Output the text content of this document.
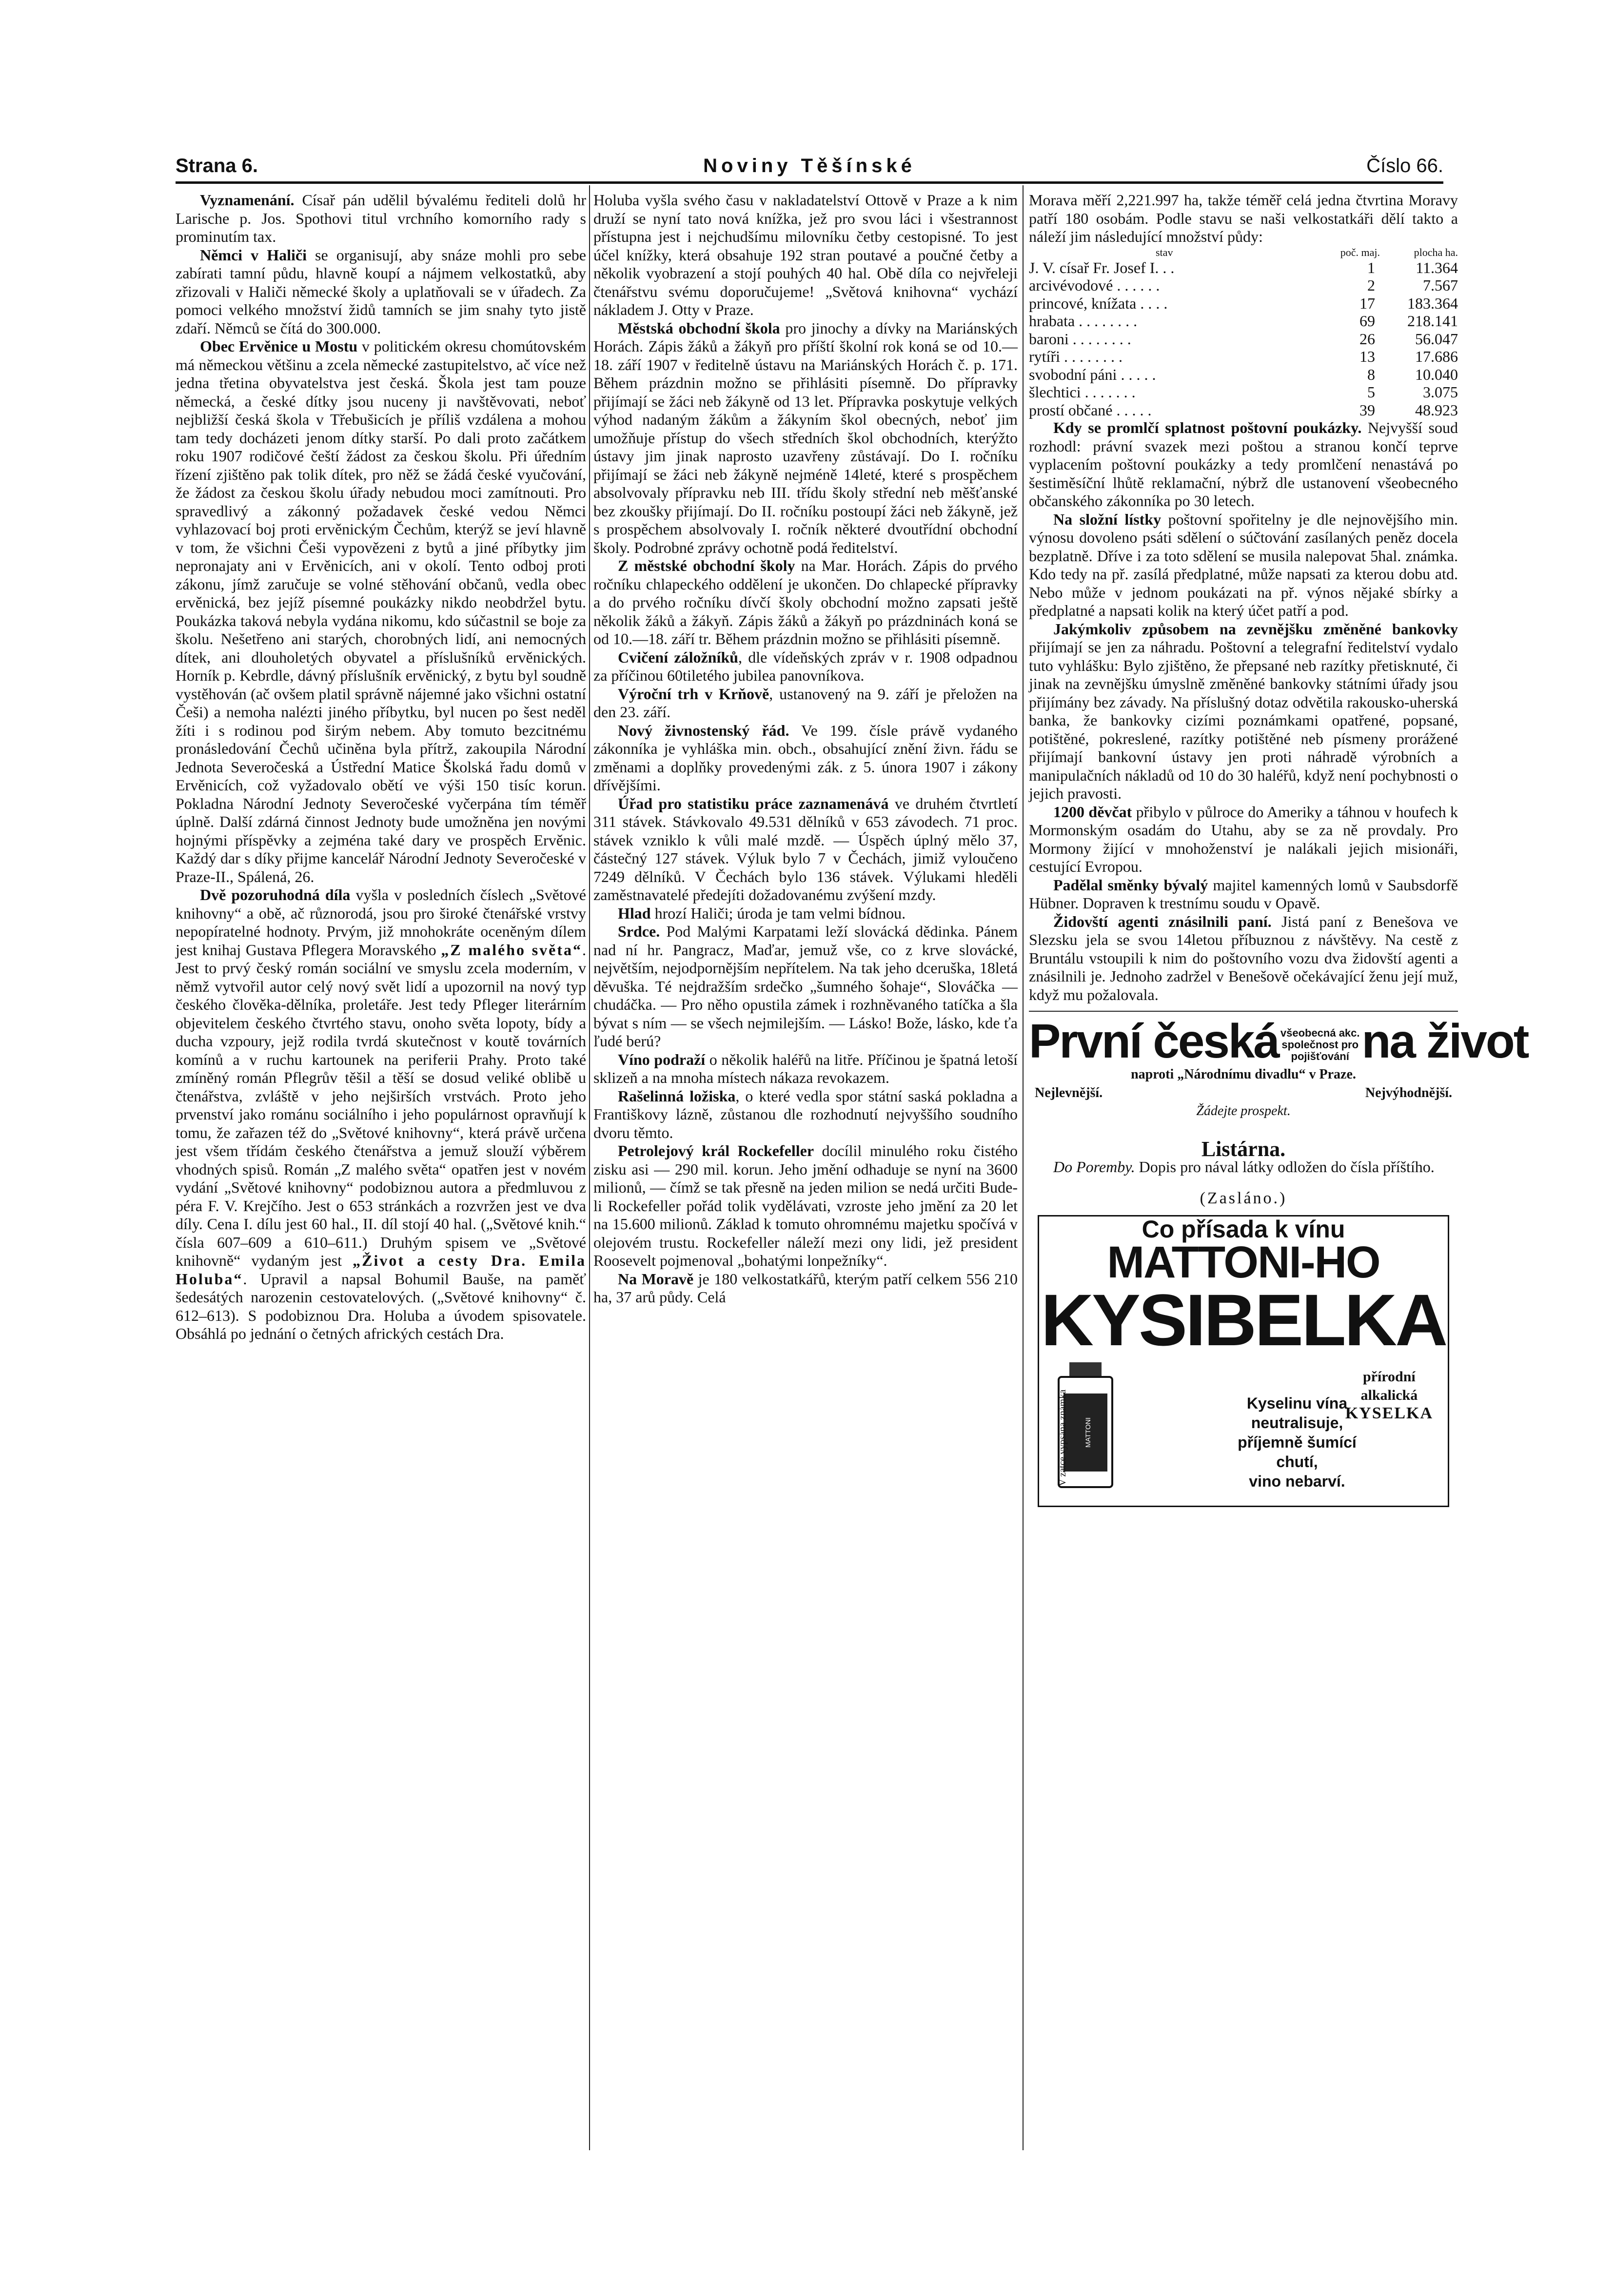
Strana 6.	Noviny Těšínské	Číslo 66.

Vyznamenání. Císař pán udělil bývalému řediteli dolů hr Larische p. Jos. Spothovi titul vrchního komorního rady s prominutím tax.

Němci v Haliči se organisují, aby snáze mohli pro sebe zabírati tamní půdu, hlavně koupí a nájmem velkostatků, aby zřizovali v Haliči německé školy a uplatňovali se v úřadech. Za pomoci velkého množství židů tamních se jim snahy tyto jistě zdaří. Němců se čítá do 300.000.

Obec Ervěnice u Mostu v politickém okresu chomútovském má německou většinu a zcela německé zastupitelstvo, ač více než jedna třetina obyvatelstva jest česká. Škola jest tam pouze německá, a české dítky jsou nuceny ji navštěvovati, neboť nejbližší česká škola v Třebušicích je příliš vzdálena a mohou tam tedy docházeti jenom dítky starší. Po dali proto začátkem roku 1907 rodičové čeští žádost za českou školu. Při úředním řízení zjištěno pak tolik dítek, pro něž se žádá české vyučování, že žádost za českou školu úřady nebudou moci zamítnouti. Pro spravedlivý a zákonný požadavek české vedou Němci vyhlazovací boj proti ervěnickým Čechům, kterýž se jeví hlavně v tom, že všichni Češi vypovězeni z bytů a jiné příbytky jim nepronajaty ani v Ervěnicích, ani v okolí. Tento odboj proti zákonu, jímž zaručuje se volné stěhování občanů, vedla obec ervěnická, bez jejíž písemné poukázky nikdo neobdržel bytu. Poukázka taková nebyla vydána nikomu, kdo súčastnil se boje za školu. Nešetřeno ani starých, chorobných lidí, ani nemocných dítek, ani dlouholetých obyvatel a příslušníků ervěnických. Horník p. Kebrdle, dávný příslušník ervěnický, z bytu byl soudně vystěhován (ač ovšem platil správně nájemné jako všichni ostatní Češi) a nemoha nalézti jiného příbytku, byl nucen po šest neděl žíti i s rodinou pod širým nebem. Aby tomuto bezcitnému pronásledování Čechů učiněna byla přítrž, zakoupila Národní Jednota Severočeská a Ústřední Matice Školská řadu domů v Ervěnicích, což vyžadovalo obětí ve výši 150 tisíc korun. Pokladna Národní Jednoty Severočeské vyčerpána tím téměř úplně. Další zdárná činnost Jednoty bude umožněna jen novými hojnými příspěvky a zejména také dary ve prospěch Ervěnic. Každý dar s díky přijme kancelář Národní Jednoty Severočeské v Praze-II., Spálená, 26.

Dvě pozoruhodná díla vyšla v posledních číslech „Světové knihovny“ a obě, ač různorodá, jsou pro široké čtenářské vrstvy nepopíratelné hodnoty. Prvým, již mnohokráte oceněným dílem jest knihaj Gustava Pflegera Moravského „Z malého světa“. Jest to prvý český román sociální ve smyslu zcela moderním, v němž vytvořil autor celý nový svět lidí a upozornil na nový typ českého člověka-dělníka, proletáře. Jest tedy Pfleger literárním objevitelem českého čtvrtého stavu, onoho světa lopoty, bídy a ducha vzpoury, jejž rodila tvrdá skutečnost v koutě továrních komínů a v ruchu kartounek na periferii Prahy. Proto také zmíněný román Pflegrův těšil a těší se dosud veliké oblibě u čtenářstva, zvláště v jeho nejširších vrstvách. Proto jeho prvenství jako románu sociálního i jeho populárnost opravňují k tomu, že zařazen též do „Světové knihovny“, která právě určena jest všem třídám českého čtenářstva a jemuž slouží výběrem vhodných spisů. Román „Z malého světa“ opatřen jest v novém vydání „Světové knihovny“ podobiznou autora a předmluvou z péra F. V. Krejčího. Jest o 653 stránkách a rozvržen jest ve dva díly. Cena I. dílu jest 60 hal., II. díl stojí 40 hal. („Světové knih.“ čísla 607–609 a 610–611.) Druhým spisem ve „Světové knihovně“ vydaným jest „Život a cesty Dra. Emila Holuba“. Upravil a napsal Bohumil Bauše, na paměť šedesátých narozenin cestovatelových. („Světové knihovny“ č. 612–613). S podobiznou Dra. Holuba a úvodem spisovatele. Obsáhlá po jednání o četných afrických cestách Dra.

Holuba vyšla svého času v nakladatelství Ottově v Praze a k nim druží se nyní tato nová knížka, jež pro svou láci i všestrannost přístupna jest i nejchudšímu milovníku četby cestopisné. To jest účel knížky, která obsahuje 192 stran poutavé a poučné četby a několik vyobrazení a stojí pouhých 40 hal. Obě díla co nejvřeleji čtenářstvu svému doporučujeme! „Světová knihovna“ vychází nákladem J. Otty v Praze.

Městská obchodní škola pro jinochy a dívky na Mariánských Horách. Zápis žáků a žákyň pro příští školní rok koná se od 10.—18. září 1907 v ředitelně ústavu na Mariánských Horách č. p. 171. Během prázdnin možno se přihlásiti písemně. Do přípravky přijímají se žáci neb žákyně od 13 let. Přípravka poskytuje velkých výhod nadaným žákům a žákyním škol obecných, neboť jim umožňuje přístup do všech středních škol obchodních, kterýžto ústavy jim jinak naprosto uzavřeny zůstávají. Do I. ročníku přijímají se žáci neb žákyně nejméně 14leté, které s prospěchem absolvovaly přípravku neb III. třídu školy střední neb měšťanské bez zkoušky přijímají. Do II. ročníku postoupí žáci neb žákyně, jež s prospěchem absolvovaly I. ročník některé dvoutřídní obchodní školy. Podrobné zprávy ochotně podá ředitelství.

Z městské obchodní školy na Mar. Horách. Zápis do prvého ročníku chlapeckého oddělení je ukončen. Do chlapecké přípravky a do prvého ročníku dívčí školy obchodní možno zapsati ještě několik žáků a žákyň. Zápis žáků a žákyň po prázdninách koná se od 10.—18. září tr. Během prázdnin možno se přihlásiti písemně.

Cvičení záložníků, dle vídeňských zpráv v r. 1908 odpadnou za příčinou 60tiletého jubilea panovníkova.

Výroční trh v Krňově, ustanovený na 9. září je přeložen na den 23. září.

Nový živnostenský řád. Ve 199. čísle právě vydaného zákonníka je vyhláška min. obch., obsahující znění živn. řádu se změnami a doplňky provedenými zák. z 5. února 1907 i zákony dřívějšími.

Úřad pro statistiku práce zaznamenává ve druhém čtvrtletí 311 stávek. Stávkovalo 49.531 dělníků v 653 závodech. 71 proc. stávek vzniklo k vůli malé mzdě. — Úspěch úplný mělo 37, částečný 127 stávek. Výluk bylo 7 v Čechách, jimiž vyloučeno 7249 dělníků. V Čechách bylo 136 stávek. Výlukami hleděli zaměstnavatelé předejíti dožadovanému zvýšení mzdy.

Hlad hrozí Haliči; úroda je tam velmi bídnou.

Srdce. Pod Malými Karpatami leží slovácká dědinka. Pánem nad ní hr. Pangracz, Maďar, jemuž vše, co z krve slovácké, největším, nejodpornějším nepřítelem. Na tak jeho dceruška, 18letá děvuška. Té nejdražším srdečko „šumného šohaje“, Slováčka — chudáčka. — Pro něho opustila zámek i rozhněvaného tatíčka a šla bývat s ním — se všech nejmilejším. — Lásko! Bože, lásko, kde ťa ľudé berú?

Víno podraží o několik haléřů na litře. Příčinou je špatná letoší sklizeň a na mnoha místech nákaza revokazem.

Rašelinná ložiska, o které vedla spor státní saská pokladna a Františkovy lázně, zůstanou dle rozhodnutí nejvyššího soudního dvoru těmto.

Petrolejový král Rockefeller docílil minulého roku čistého zisku asi — 290 mil. korun. Jeho jmění odhaduje se nyní na 3600 milionů, — čímž se tak přesně na jeden milion se nedá určiti Bude-li Rockefeller pořád tolik vydělávati, vzroste jeho jmění za 20 let na 15.600 milionů. Základ k tomuto ohromnému majetku spočívá v olejovém trustu. Rockefeller náleží mezi ony lidi, jež president Roosevelt pojmenoval „bohatými lonpežníky“.

Na Moravě je 180 velkostatkářů, kterým patří celkem 556 210 ha, 37 arů půdy. Celá

Morava měří 2,221.997 ha, takže téměř celá jedna čtvrtina Moravy patří 180 osobám. Podle stavu se naši velkostatkáři dělí takto a náleží jim následující množství půdy:

stav	poč. maj.	plocha ha.
J. V. císař Fr. Josef I. . .	1	11.364
arcivévodové . . . . . .	2	7.567
princové, knížata . . . .	17	183.364
hrabata . . . . . . . .	69	218.141
baroni . . . . . . . .	26	56.047
rytíři . . . . . . . .	13	17.686
svobodní páni . . . . .	8	10.040
šlechtici . . . . . . .	5	3.075
prostí občané . . . . .	39	48.923

Kdy se promlčí splatnost poštovní poukázky. Nejvyšší soud rozhodl: právní svazek mezi poštou a stranou končí teprve vyplacením poštovní poukázky a tedy promlčení nenastává po šestiměsíční lhůtě reklamační, nýbrž dle ustanovení všeobecného občanského zákonníka po 30 letech.

Na složní lístky poštovní spořitelny je dle nejnovějšího min. výnosu dovoleno psáti sdělení o súčtování zasílaných peněz docela bezplatně. Dříve i za toto sdělení se musila nalepovat 5hal. známka. Kdo tedy na př. zasílá předplatné, může napsati za kterou dobu atd. Nebo může v jednom poukázati na př. výnos nějaké sbírky a předplatné a napsati kolik na který účet patří a pod.

Jakýmkoliv způsobem na zevnějšku změněné bankovky přijímají se jen za náhradu. Poštovní a telegrafní ředitelství vydalo tuto vyhlášku: Bylo zjištěno, že přepsané neb razítky přetisknuté, či jinak na zevnějšku úmyslně změněné bankovky státními úřady jsou přijímány bez závady. Na příslušný dotaz odvětila rakousko-uherská banka, že bankovky cizími poznámkami opatřené, popsané, potištěné, pokreslené, razítky potištěné neb písmeny prorážené přijímají bankovní ústavy jen proti náhradě výrobních a manipulačních nákladů od 10 do 30 haléřů, když není pochybnosti o jejich pravosti.

1200 děvčat přibylo v půlroce do Ameriky a táhnou v houfech k Mormonským osadám do Utahu, aby se za ně provdaly. Pro Mormony žijící v mnohoženství je nalákali jejich misionáři, cestující Evropou.

Padělal směnky bývalý majitel kamenných lomů v Saubsdorfě Hübner. Dopraven k trestnímu soudu v Opavě.

Židovští agenti znásilnili paní. Jistá paní z Benešova ve Slezsku jela se svou 14letou příbuznou z návštěvy. Na cestě z Bruntálu vstoupili k nim do poštovního vozu dva židovští agenti a znásilnili je. Jednoho zadržel v Benešově očekávající ženu její muž, když mu požalovala.

První česká všeobecná akc.
společnost pro
pojišťování na život
naproti „Národnímu divadlu“ v Praze.
Nejlevnější.	Nejvýhodnější.
Žádejte prospekt.
Listárna.

Do Poremby. Dopis pro nával látky odložen do čísla příštího.

(Zasláno.)
Co přísada k vínu
MATTONI-HO
KYSIBELKA
přírodní
alkalická
KYSELKA
MATTONI
V zatce vypsána známka	Kyselinu vína
neutralisuje,
příjemně šumící
chutí,
vino nebarví.
